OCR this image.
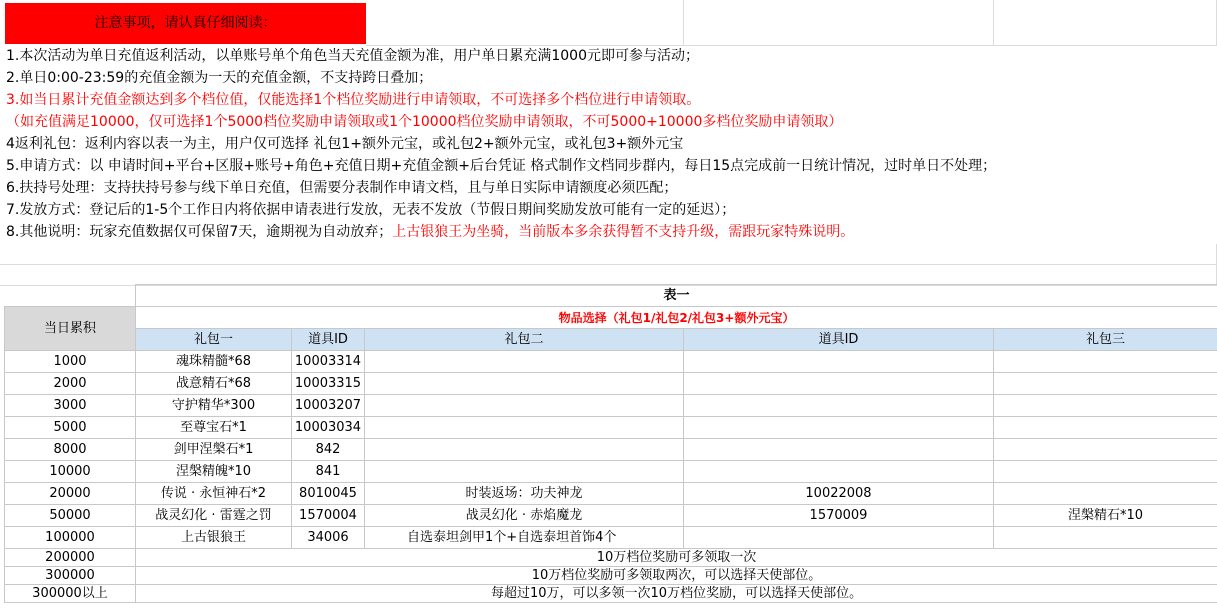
注意事项，请认真仔细阅读：
1.本次活动为单日充值返利活动，以单账号单个角色当天充值金额为准，用户单日累充满1000元即可参与活动；
2.单日0:00-23:59的充值金额为一天的充值金额，不支持跨日叠加；
3.如当日累计充值金额达到多个档位值，仅能选择1个档位奖励进行申请领取，不可选择多个档位进行申请领取。
（如充值满足10000，仅可选择1个5000档位奖励申请领取或1个10000档位奖励申请领取，不可5000+10000多档位奖励申请领取）
4返利礼包：返利内容以表一为主，用户仅可选择 礼包1+额外元宝，或礼包2+额外元宝，或礼包3+额外元宝
5.申请方式：以 申请时间+平台+区服+账号+角色+充值日期+充值金额+后台凭证 格式制作文档同步群内，每日15点完成前一日统计情况，过时单日不处理；
6.扶持号处理：支持扶持号参与线下单日充值，但需要分表制作申请文档，且与单日实际申请额度必须匹配；
7.发放方式：登记后的1-5个工作日内将依据申请表进行发放，无表不发放（节假日期间奖励发放可能有一定的延迟）；
8.其他说明：玩家充值数据仅可保留7天，逾期视为自动放弃；上古银狼王为坐骑，当前版本多余获得暂不支持升级，需跟玩家特殊说明。
	表一				
当日累积	物品选择（礼包1/礼包2/礼包3+额外元宝）				
	礼包一	道具ID	礼包二	道具ID	礼包三
1000	魂珠精髓*68	10003314			
2000	战意精石*68	10003315			
3000	守护精华*300	10003207			
5000	至尊宝石*1	10003034			
8000	剑甲涅槃石*1	842			
10000	涅槃精魄*10	841			
20000	传说 · 永恒神石*2	8010045	时装返场：功夫神龙	10022008	
50000	战灵幻化 · 雷霆之罚	1570004	战灵幻化 · 赤焰魔龙	1570009	涅槃精石*10
100000	上古银狼王	34006	自选泰坦剑甲1个+自选泰坦首饰4个		
200000	10万档位奖励可多领取一次				
300000	10万档位奖励可多领取两次，可以选择天使部位。				
300000以上	每超过10万，可以多领一次10万档位奖励，可以选择天使部位。				
